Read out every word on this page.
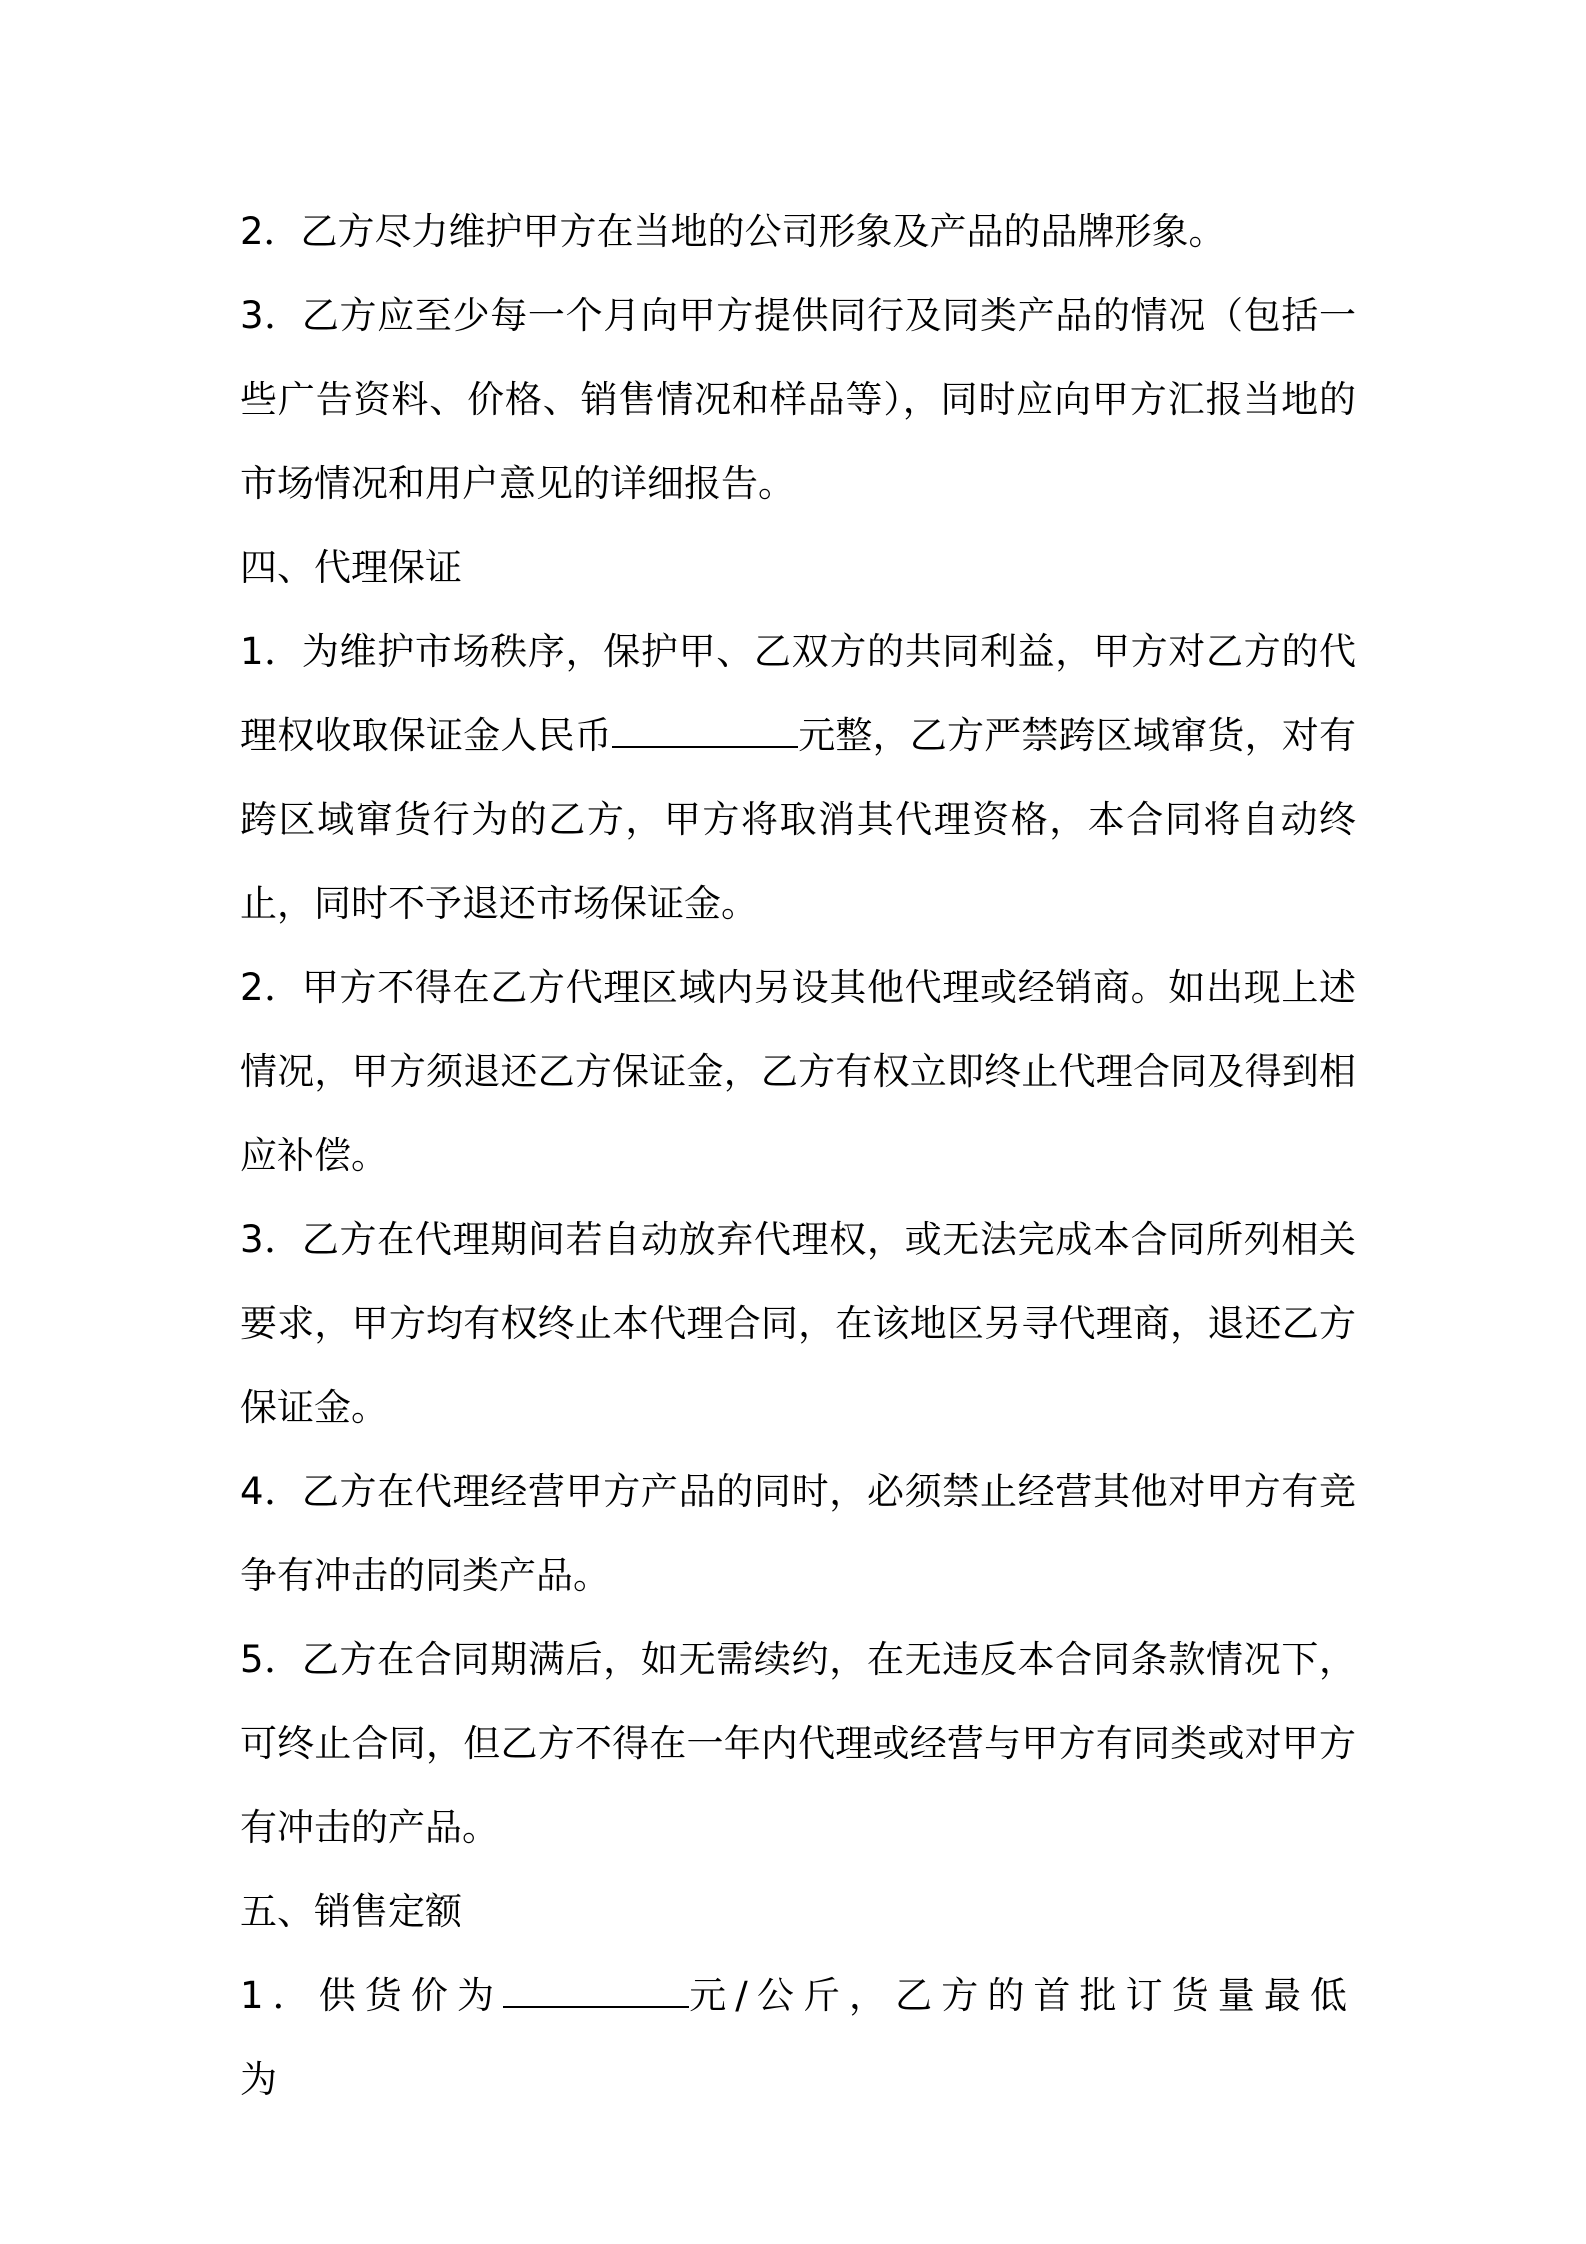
2．乙方尽力维护甲方在当地的公司形象及产品的品牌形象。

3．乙方应至少每一个月向甲方提供同行及同类产品的情况（包括一些广告资料、价格、销售情况和样品等），同时应向甲方汇报当地的市场情况和用户意见的详细报告。

四、代理保证

1．为维护市场秩序，保护甲、乙双方的共同利益，甲方对乙方的代理权收取保证金人民币	元整，乙方严禁跨区域窜货，对有跨区域窜货行为的乙方，甲方将取消其代理资格，本合同将自动终止，同时不予退还市场保证金。

2．甲方不得在乙方代理区域内另设其他代理或经销商。如出现上述情况，甲方须退还乙方保证金，乙方有权立即终止代理合同及得到相应补偿。

3．乙方在代理期间若自动放弃代理权，或无法完成本合同所列相关要求，甲方均有权终止本代理合同，在该地区另寻代理商，退还乙方保证金。

4．乙方在代理经营甲方产品的同时，必须禁止经营其他对甲方有竞争有冲击的同类产品。

5．乙方在合同期满后，如无需续约，在无违反本合同条款情况下，可终止合同，但乙方不得在一年内代理或经营与甲方有同类或对甲方有冲击的产品。

五、销售定额

1．供货价为	元/公斤，乙方的首批订货量最低为
